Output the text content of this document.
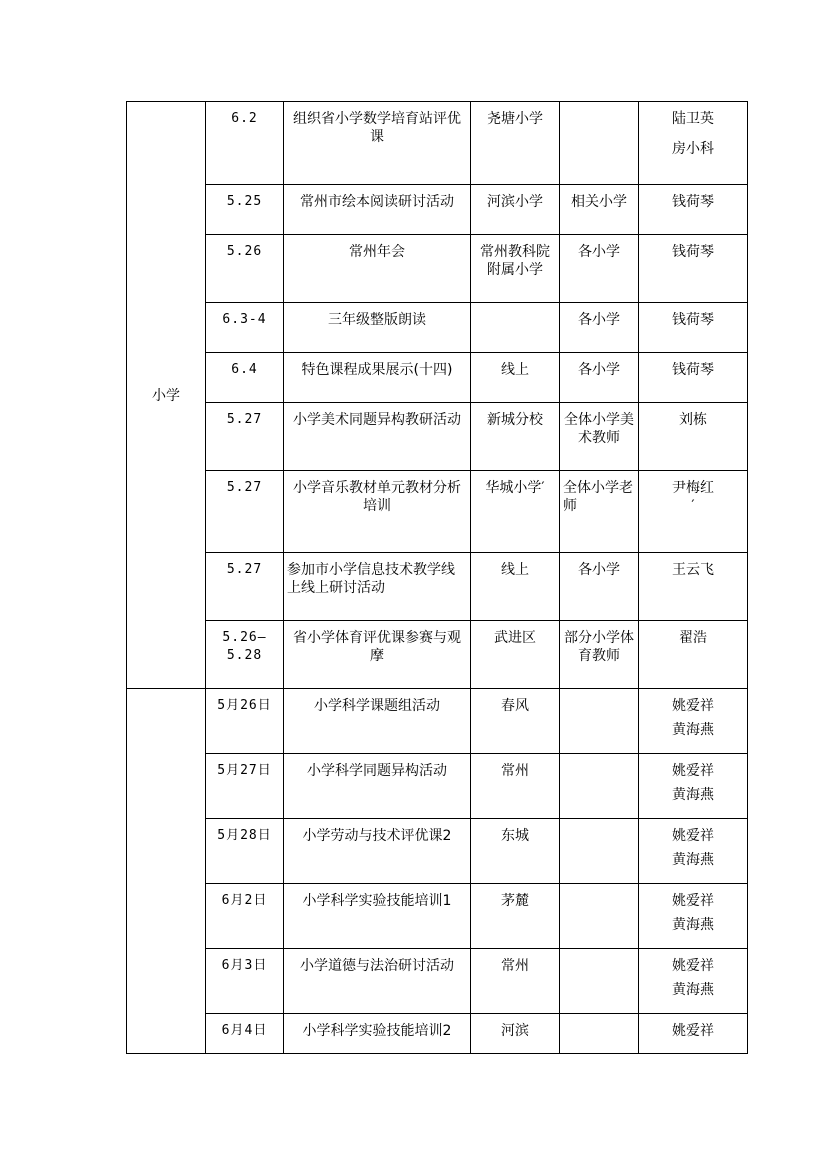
小学	6.2	组织省小学数学培育站评优课	尧塘小学		陆卫英
房小科

	5.25	常州市绘本阅读研讨活动	河滨小学	相关小学	钱荷琴

	5.26	常州年会	常州教科院附属小学	各小学	钱荷琴

	6.3-4	三年级整版朗读		各小学	钱荷琴

	6.4	特色课程成果展示(十四)	线上	各小学	钱荷琴

	5.27	小学美术同题异构教研活动	新城分校	全体小学美术教师	刘栋

	5.27	小学音乐教材单元教材分析培训	华城小学′	全体小学老师	尹梅红
′

	5.27	参加市小学信息技术教学线上线上研讨活动	线上	各小学	王云飞

	5.26—5.28	省小学体育评优课参赛与观摩	武进区	部分小学体育教师	翟浩

	5月26日	小学科学课题组活动	春风		姚爱祥
黄海燕

	5月27日	小学科学同题异构活动	常州		姚爱祥
黄海燕

	5月28日	小学劳动与技术评优课2	东城		姚爱祥
黄海燕

	6月2日	小学科学实验技能培训1	茅麓		姚爱祥
黄海燕

	6月3日	小学道德与法治研讨活动	常州		姚爱祥
黄海燕

	6月4日	小学科学实验技能培训2	河滨		姚爱祥
